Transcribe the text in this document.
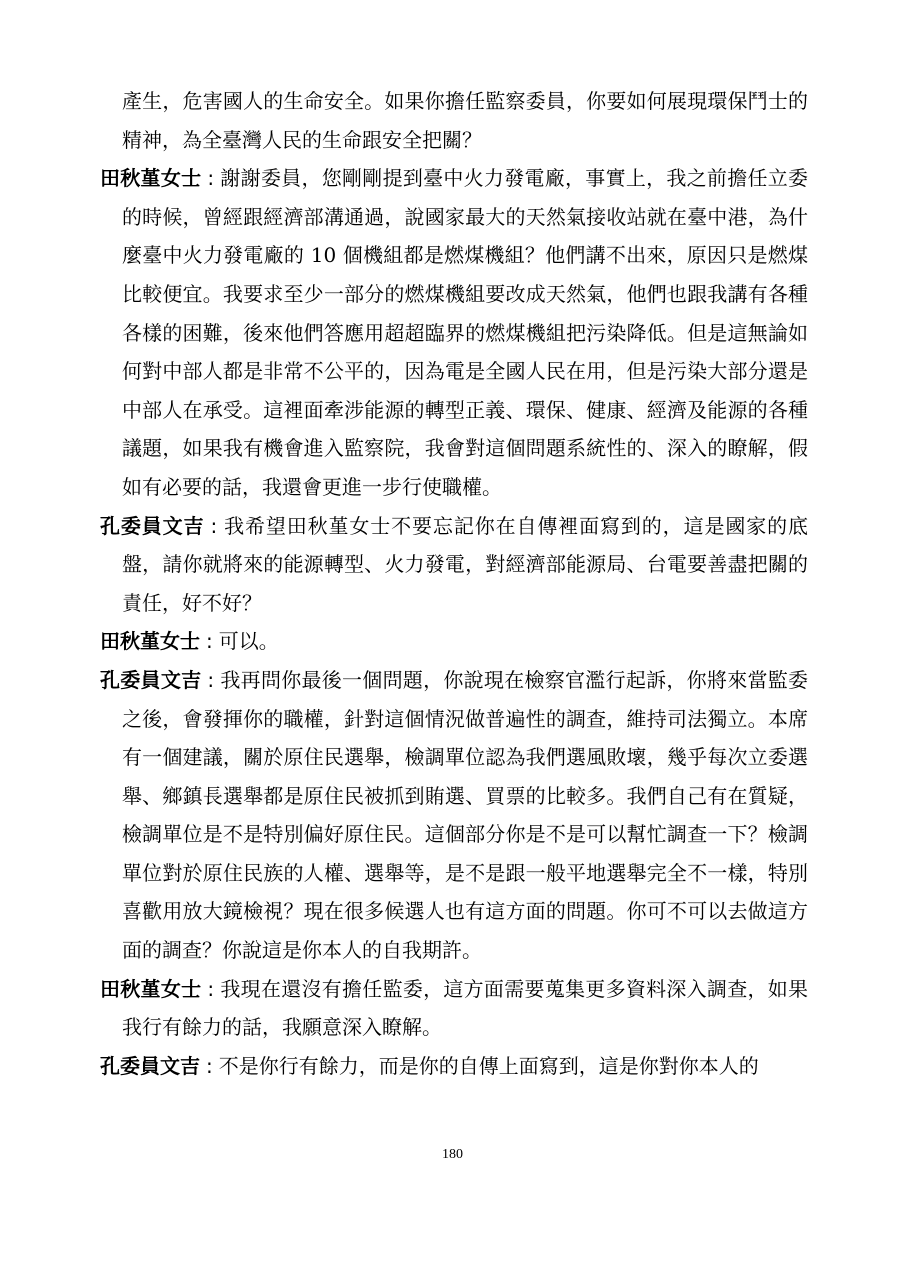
產生，危害國人的生命安全。如果你擔任監察委員，你要如何展現環保鬥士的精神，為全臺灣人民的生命跟安全把關？

田秋堇女士 : 謝謝委員，您剛剛提到臺中火力發電廠，事實上，我之前擔任立委的時候，曾經跟經濟部溝通過，說國家最大的天然氣接收站就在臺中港，為什麼臺中火力發電廠的 10 個機組都是燃煤機組？他們講不出來，原因只是燃煤比較便宜。我要求至少一部分的燃煤機組要改成天然氣，他們也跟我講有各種各樣的困難，後來他們答應用超超臨界的燃煤機組把污染降低。但是這無論如何對中部人都是非常不公平的，因為電是全國人民在用，但是污染大部分還是中部人在承受。這裡面牽涉能源的轉型正義、環保、健康、經濟及能源的各種議題，如果我有機會進入監察院，我會對這個問題系統性的、深入的瞭解，假如有必要的話，我還會更進一步行使職權。

孔委員文吉 : 我希望田秋堇女士不要忘記你在自傳裡面寫到的，這是國家的底盤，請你就將來的能源轉型、火力發電，對經濟部能源局、台電要善盡把關的責任，好不好？

田秋堇女士 : 可以。

孔委員文吉 : 我再問你最後一個問題，你說現在檢察官濫行起訴，你將來當監委之後，會發揮你的職權，針對這個情況做普遍性的調查，維持司法獨立。本席有一個建議，關於原住民選舉，檢調單位認為我們選風敗壞，幾乎每次立委選舉、鄉鎮長選舉都是原住民被抓到賄選、買票的比較多。我們自己有在質疑，檢調單位是不是特別偏好原住民。這個部分你是不是可以幫忙調查一下？檢調單位對於原住民族的人權、選舉等，是不是跟一般平地選舉完全不一樣，特別喜歡用放大鏡檢視？現在很多候選人也有這方面的問題。你可不可以去做這方面的調查？你說這是你本人的自我期許。

田秋堇女士 : 我現在還沒有擔任監委，這方面需要蒐集更多資料深入調查，如果我行有餘力的話，我願意深入瞭解。

孔委員文吉 : 不是你行有餘力，而是你的自傳上面寫到，這是你對你本人的

180
